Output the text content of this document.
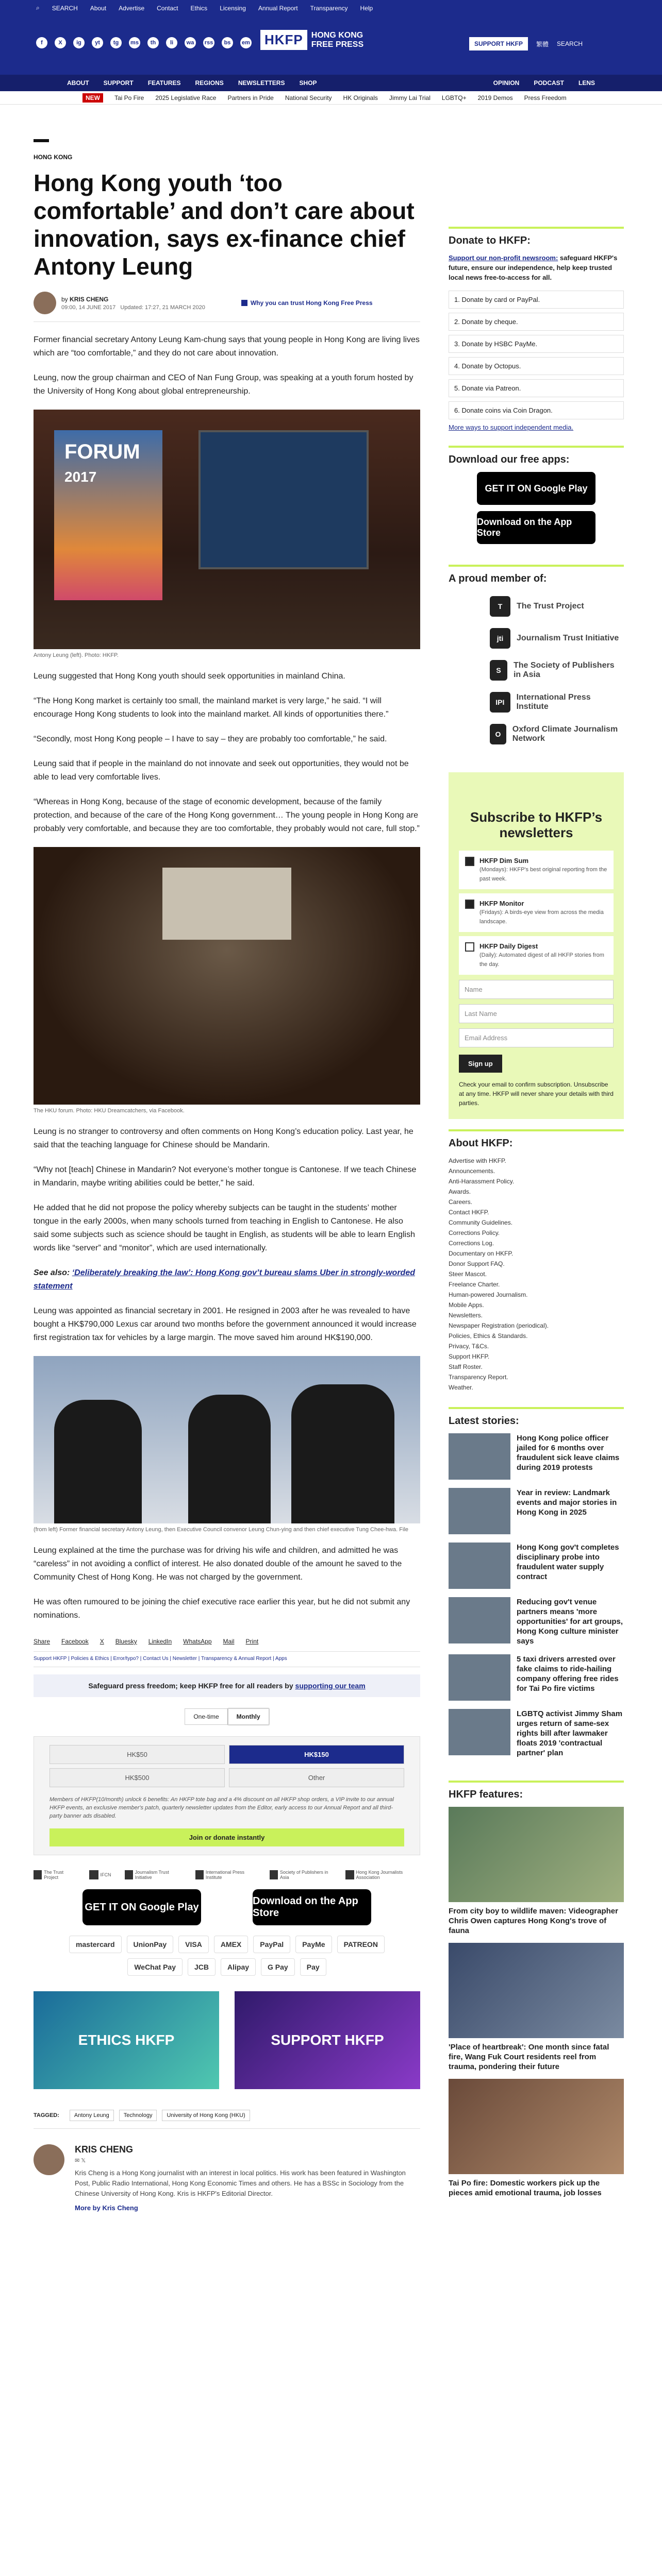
⌕ SEARCH About Advertise Contact Ethics Licensing Annual Report Transparency Help
f	X	ig	yt	tg	ms	th	li	wa	rss	bs	em	HKFP	HONG KONG
FREE PRESS	SUPPORT HKFP	繁體 SEARCH
ABOUT SUPPORT FEATURES REGIONS NEWSLETTERS SHOP	OPINION PODCAST LENS
NEW	Tai Po Fire 2025 Legislative Race Partners in Pride National Security HK Originals Jimmy Lai Trial LGBTQ+ 2019 Demos Press Freedom
HONG KONG
Hong Kong youth ‘too comfortable’ and don’t care about innovation, says ex-finance chief Antony Leung
by KRIS CHENG
09:00, 14 JUNE 2017 Updated: 17:27, 21 MARCH 2020
Why you can trust Hong Kong Free Press

Former financial secretary Antony Leung Kam-chung says that young people in Hong Kong are living lives which are “too comfortable,” and they do not care about innovation.

Leung, now the group chairman and CEO of Nan Fung Group, was speaking at a youth forum hosted by the University of Hong Kong about global entrepreneurship.

FORUM
2017
Antony Leung (left). Photo: HKFP.

Leung suggested that Hong Kong youth should seek opportunities in mainland China.

“The Hong Kong market is certainly too small, the mainland market is very large,” he said. “I will encourage Hong Kong students to look into the mainland market. All kinds of opportunities there.”

“Secondly, most Hong Kong people – I have to say – they are probably too comfortable,” he said.

Leung said that if people in the mainland do not innovate and seek out opportunities, they would not be able to lead very comfortable lives.

“Whereas in Hong Kong, because of the stage of economic development, because of the family protection, and because of the care of the Hong Kong government… The young people in Hong Kong are probably very comfortable, and because they are too comfortable, they probably would not care, full stop.”

The HKU forum. Photo: HKU Dreamcatchers, via Facebook.

Leung is no stranger to controversy and often comments on Hong Kong’s education policy. Last year, he said that the teaching language for Chinese should be Mandarin.

“Why not [teach] Chinese in Mandarin? Not everyone’s mother tongue is Cantonese. If we teach Chinese in Mandarin, maybe writing abilities could be better,” he said.

He added that he did not propose the policy whereby subjects can be taught in the students’ mother tongue in the early 2000s, when many schools turned from teaching in English to Cantonese. He also said some subjects such as science should be taught in English, as students will be able to learn English words like “server” and “monitor”, which are used internationally.

See also: ‘Deliberately breaking the law’: Hong Kong gov’t bureau slams Uber in strongly-worded statement

Leung was appointed as financial secretary in 2001. He resigned in 2003 after he was revealed to have bought a HK$790,000 Lexus car around two months before the government announced it would increase first registration tax for vehicles by a large margin. The move saved him around HK$190,000.

(from left) Former financial secretary Antony Leung, then Executive Council convenor Leung Chun-ying and then chief executive Tung Chee-hwa. File

Leung explained at the time the purchase was for driving his wife and children, and admitted he was “careless” in not avoiding a conflict of interest. He also donated double of the amount he saved to the Community Chest of Hong Kong. He was not charged by the government.

He was often rumoured to be joining the chief executive race earlier this year, but he did not submit any nominations.

Share Facebook X Bluesky LinkedIn WhatsApp Mail Print
Support HKFP | Policies & Ethics | Error/typo? | Contact Us | Newsletter | Transparency & Annual Report | Apps
Safeguard press freedom; keep HKFP free for all readers by supporting our team
One-time	Monthly
HK$50	HK$150
HK$500	Other

Members of HKFP(10/month) unlock 6 benefits: An HKFP tote bag and a 4% discount on all HKFP shop orders, a VIP invite to our annual HKFP events, an exclusive member's patch, quarterly newsletter updates from the Editor, early access to our Annual Report and all third-party banner ads disabled.

Join or donate instantly
The Trust Project	IFCN	Journalism Trust Initiative
International Press Institute
Society of Publishers in Asia
Hong Kong Journalists Association
GET IT ON Google Play
Download on the App Store
mastercard	UnionPay	VISA	AMEX	PayPal	PayMe	PATREON
WeChat Pay	JCB	Alipay	G Pay	Pay
ETHICS HKFP	SUPPORT HKFP
TAGGED:	Antony Leung	Technology	University of Hong Kong (HKU)
KRIS CHENG
✉ 𝕏

Kris Cheng is a Hong Kong journalist with an interest in local politics. His work has been featured in Washington Post, Public Radio International, Hong Kong Economic Times and others. He has a BSSc in Sociology from the Chinese University of Hong Kong. Kris is HKFP's Editorial Director.

More by Kris Cheng
Donate to HKFP:
Support our non-profit newsroom: safeguard HKFP's future, ensure our independence, help keep trusted local news free-to-access for all.
1. Donate by card or PayPal.
2. Donate by cheque.
3. Donate by HSBC PayMe.
4. Donate by Octopus.
5. Donate via Patreon.
6. Donate coins via Coin Dragon.
More ways to support independent media.
Download our free apps:
GET IT ON Google Play
Download on the App Store
A proud member of:
T	The Trust Project
jti	Journalism Trust Initiative
S
The Society of Publishers in Asia
IPI
International Press Institute
O
Oxford Climate Journalism Network
Subscribe to HKFP’s newsletters
HKFP Dim Sum
(Mondays): HKFP's best original reporting from the past week.
HKFP Monitor
(Fridays): A birds-eye view from across the media landscape.
HKFP Daily Digest
(Daily): Automated digest of all HKFP stories from the day.
Name
Last Name
Email Address
Sign up
Check your email to confirm subscription. Unsubscribe at any time. HKFP will never share your details with third parties.
About HKFP:
Advertise with HKFP.
Announcements.
Anti-Harassment Policy.
Awards.
Careers.
Contact HKFP.
Community Guidelines.
Corrections Policy.
Corrections Log.
Documentary on HKFP.
Donor Support FAQ.
Steer Mascot.
Freelance Charter.
Human-powered Journalism.
Mobile Apps.
Newsletters.
Newspaper Registration (periodical).
Policies, Ethics & Standards.
Privacy, T&Cs.
Support HKFP.
Staff Roster.
Transparency Report.
Weather.
Latest stories:
Hong Kong police officer jailed for 6 months over fraudulent sick leave claims during 2019 protests
Year in review: Landmark events and major stories in Hong Kong in 2025
Hong Kong gov't completes disciplinary probe into fraudulent water supply contract
Reducing gov't venue partners means 'more opportunities' for art groups, Hong Kong culture minister says
5 taxi drivers arrested over fake claims to ride-hailing company offering free rides for Tai Po fire victims
LGBTQ activist Jimmy Sham urges return of same-sex rights bill after lawmaker floats 2019 'contractual partner' plan
HKFP features:
From city boy to wildlife maven: Videographer Chris Owen captures Hong Kong's trove of fauna
'Place of heartbreak': One month since fatal fire, Wang Fuk Court residents reel from trauma, pondering their future
Tai Po fire: Domestic workers pick up the pieces amid emotional trauma, job losses
